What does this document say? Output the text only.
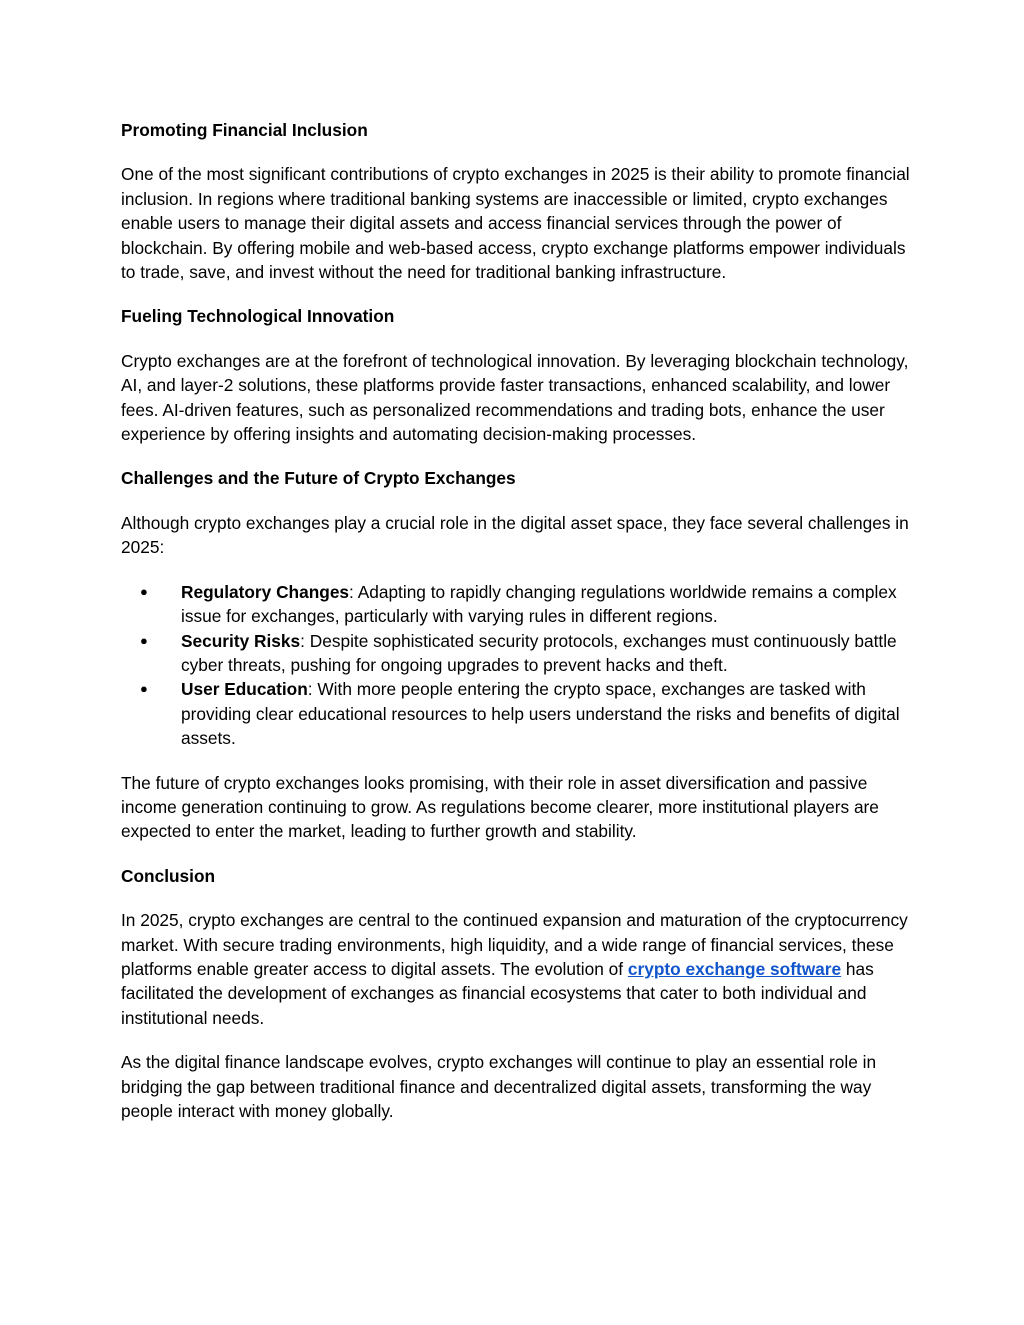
Promoting Financial Inclusion
One of the most significant contributions of crypto exchanges in 2025 is their ability to promote financial inclusion. In regions where traditional banking systems are inaccessible or limited, crypto exchanges enable users to manage their digital assets and access financial services through the power of blockchain. By offering mobile and web-based access, crypto exchange platforms empower individuals to trade, save, and invest without the need for traditional banking infrastructure.
Fueling Technological Innovation
Crypto exchanges are at the forefront of technological innovation. By leveraging blockchain technology, AI, and layer-2 solutions, these platforms provide faster transactions, enhanced scalability, and lower fees. AI-driven features, such as personalized recommendations and trading bots, enhance the user experience by offering insights and automating decision-making processes.
Challenges and the Future of Crypto Exchanges
Although crypto exchanges play a crucial role in the digital asset space, they face several challenges in 2025:
● Regulatory Changes: Adapting to rapidly changing regulations worldwide remains a complex issue for exchanges, particularly with varying rules in different regions.
● Security Risks: Despite sophisticated security protocols, exchanges must continuously battle cyber threats, pushing for ongoing upgrades to prevent hacks and theft.
● User Education: With more people entering the crypto space, exchanges are tasked with providing clear educational resources to help users understand the risks and benefits of digital assets.
The future of crypto exchanges looks promising, with their role in asset diversification and passive income generation continuing to grow. As regulations become clearer, more institutional players are expected to enter the market, leading to further growth and stability.
Conclusion
In 2025, crypto exchanges are central to the continued expansion and maturation of the cryptocurrency market. With secure trading environments, high liquidity, and a wide range of financial services, these platforms enable greater access to digital assets. The evolution of crypto exchange software has facilitated the development of exchanges as financial ecosystems that cater to both individual and institutional needs.
As the digital finance landscape evolves, crypto exchanges will continue to play an essential role in bridging the gap between traditional finance and decentralized digital assets, transforming the way people interact with money globally.
